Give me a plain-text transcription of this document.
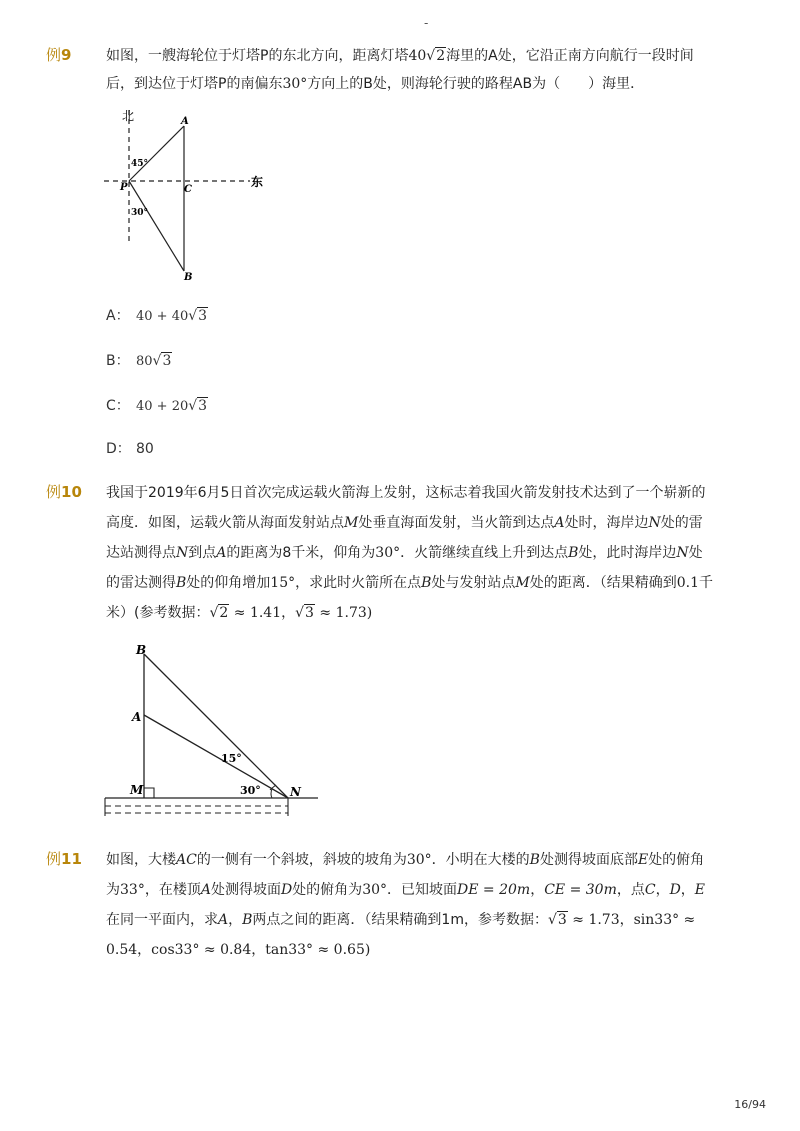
-
例9 如图，一艘海轮位于灯塔P的东北方向，距离灯塔40√2海里的A处，它沿正南方向航行一段时间后，到达位于灯塔P的南偏东30°方向上的B处，则海轮行驶的路程AB为（　　）海里．
北
东
A
B
C
P
45°
30°
A： 40 + 40√3
B： 80√3
C： 40 + 20√3
D： 80
例10 我国于2019年6月5日首次完成运载火箭海上发射，这标志着我国火箭发射技术达到了一个崭新的高度．如图，运载火箭从海面发射站点M处垂直海面发射，当火箭到达点A处时，海岸边N处的雷达站测得点N到点A的距离为8千米，仰角为30°．火箭继续直线上升到达点B处，此时海岸边N处的雷达测得B处的仰角增加15°，求此时火箭所在点B处与发射站点M处的距离．（结果精确到0.1千米）(参考数据：√2 ≈ 1.41，√3 ≈ 1.73)
B
A
M	N
15°
30°
例11 如图，大楼AC的一侧有一个斜坡，斜坡的坡角为30°．小明在大楼的B处测得坡面底部E处的俯角为33°，在楼顶A处测得坡面D处的俯角为30°．已知坡面DE = 20m，CE = 30m，点C，D，E在同一平面内，求A，B两点之间的距离．（结果精确到1m，参考数据：√3 ≈ 1.73，sin33° ≈ 0.54，cos33° ≈ 0.84，tan33° ≈ 0.65)
16/94
